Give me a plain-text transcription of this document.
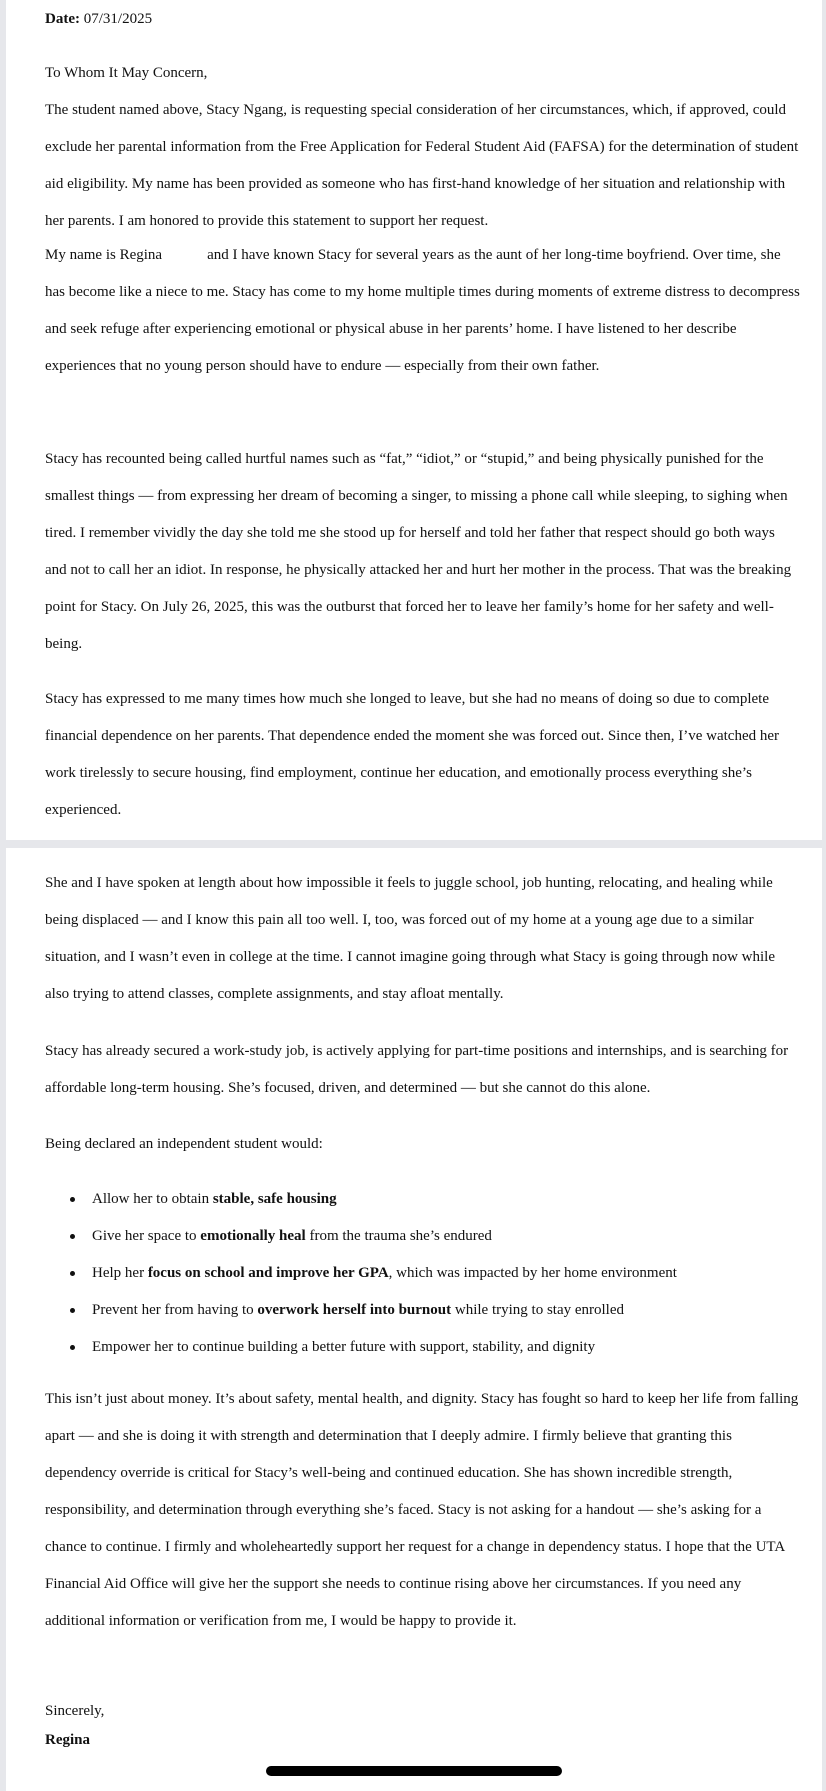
Date: 07/31/2025

To Whom It May Concern,

The student named above, Stacy Ngang, is requesting special consideration of her circumstances, which, if approved, could exclude her parental information from the Free Application for Federal Student Aid (FAFSA) for the determination of student aid eligibility. My name has been provided as someone who has first-hand knowledge of her situation and relationship with her parents. I am honored to provide this statement to support her request.

My name is Regina            and I have known Stacy for several years as the aunt of her long-time boyfriend. Over time, she has become like a niece to me. Stacy has come to my home multiple times during moments of extreme distress to decompress and seek refuge after experiencing emotional or physical abuse in her parents’ home. I have listened to her describe experiences that no young person should have to endure — especially from their own father.

Stacy has recounted being called hurtful names such as “fat,” “idiot,” or “stupid,” and being physically punished for the smallest things — from expressing her dream of becoming a singer, to missing a phone call while sleeping, to sighing when tired. I remember vividly the day she told me she stood up for herself and told her father that respect should go both ways and not to call her an idiot. In response, he physically attacked her and hurt her mother in the process. That was the breaking point for Stacy. On July 26, 2025, this was the outburst that forced her to leave her family’s home for her safety and well-being.

Stacy has expressed to me many times how much she longed to leave, but she had no means of doing so due to complete financial dependence on her parents. That dependence ended the moment she was forced out. Since then, I’ve watched her work tirelessly to secure housing, find employment, continue her education, and emotionally process everything she’s experienced.

She and I have spoken at length about how impossible it feels to juggle school, job hunting, relocating, and healing while being displaced — and I know this pain all too well. I, too, was forced out of my home at a young age due to a similar situation, and I wasn’t even in college at the time. I cannot imagine going through what Stacy is going through now while also trying to attend classes, complete assignments, and stay afloat mentally.

Stacy has already secured a work-study job, is actively applying for part-time positions and internships, and is searching for affordable long-term housing. She’s focused, driven, and determined — but she cannot do this alone.

Being declared an independent student would:

Allow her to obtain stable, safe housing
Give her space to emotionally heal from the trauma she’s endured
Help her focus on school and improve her GPA, which was impacted by her home environment
Prevent her from having to overwork herself into burnout while trying to stay enrolled
Empower her to continue building a better future with support, stability, and dignity

This isn’t just about money. It’s about safety, mental health, and dignity. Stacy has fought so hard to keep her life from falling apart — and she is doing it with strength and determination that I deeply admire. I firmly believe that granting this dependency override is critical for Stacy’s well-being and continued education. She has shown incredible strength, responsibility, and determination through everything she’s faced. Stacy is not asking for a handout — she’s asking for a chance to continue. I firmly and wholeheartedly support her request for a change in dependency status. I hope that the UTA Financial Aid Office will give her the support she needs to continue rising above her circumstances. If you need any additional information or verification from me, I would be happy to provide it.

Sincerely,

Regina
